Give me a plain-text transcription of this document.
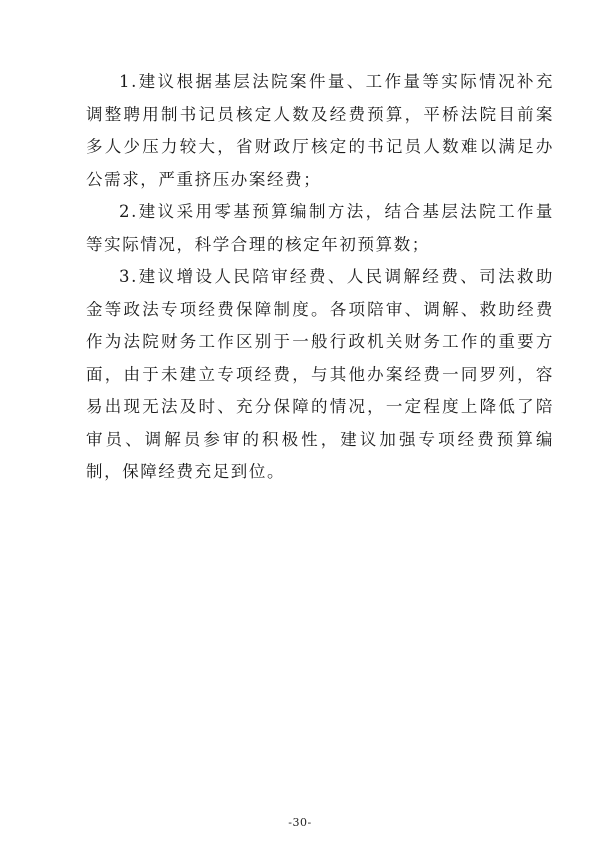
1.建议根据基层法院案件量、工作量等实际情况补充调整聘用制书记员核定人数及经费预算，平桥法院目前案多人少压力较大，省财政厅核定的书记员人数难以满足办公需求，严重挤压办案经费；

2.建议采用零基预算编制方法，结合基层法院工作量等实际情况，科学合理的核定年初预算数；

3.建议增设人民陪审经费、人民调解经费、司法救助金等政法专项经费保障制度。各项陪审、调解、救助经费作为法院财务工作区别于一般行政机关财务工作的重要方面，由于未建立专项经费，与其他办案经费一同罗列，容易出现无法及时、充分保障的情况，一定程度上降低了陪审员、调解员参审的积极性，建议加强专项经费预算编制，保障经费充足到位。

-30-
